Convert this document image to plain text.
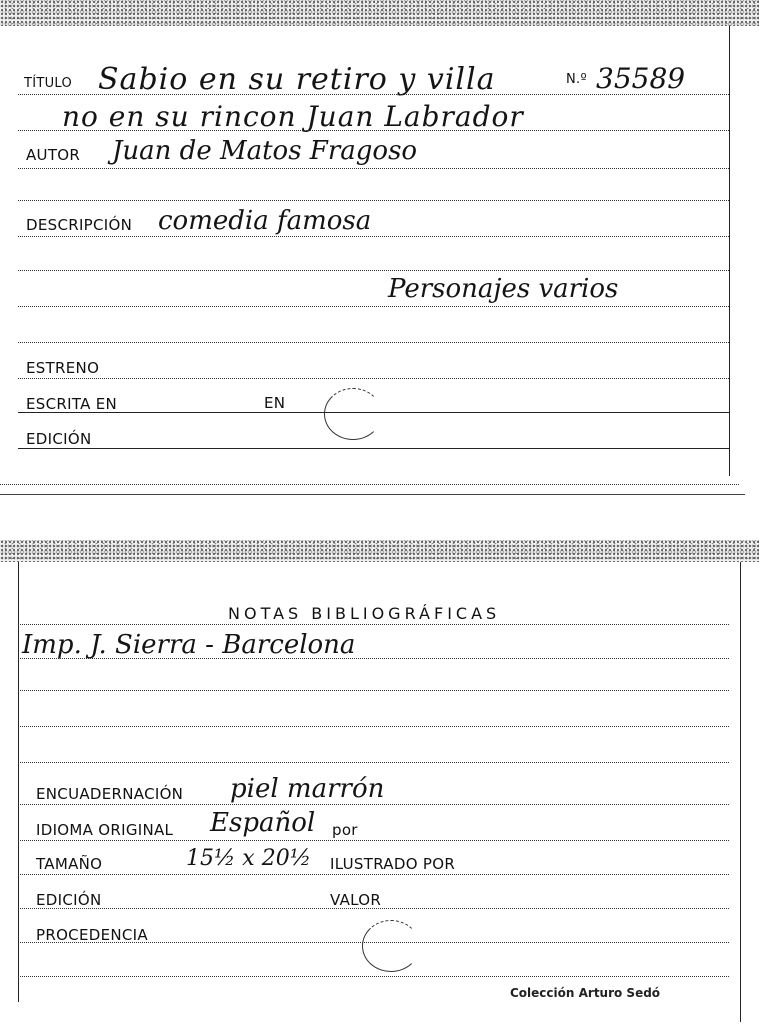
TÍTULO Sabio en su retiro y villa	N.º 35589
no en su rincon Juan Labrador
AUTOR Juan de Matos Fragoso
DESCRIPCIÓN comedia famosa
Personajes varios
ESTRENO
ESCRITA EN	EN
EDICIÓN
NOTAS BIBLIOGRÁFICAS
Imp. J. Sierra - Barcelona
ENCUADERNACIÓN piel marrón
IDIOMA ORIGINAL Español por
TAMAÑO	15½ x 20½ ILUSTRADO POR
EDICIÓN	VALOR
PROCEDENCIA
Colección Arturo Sedó
